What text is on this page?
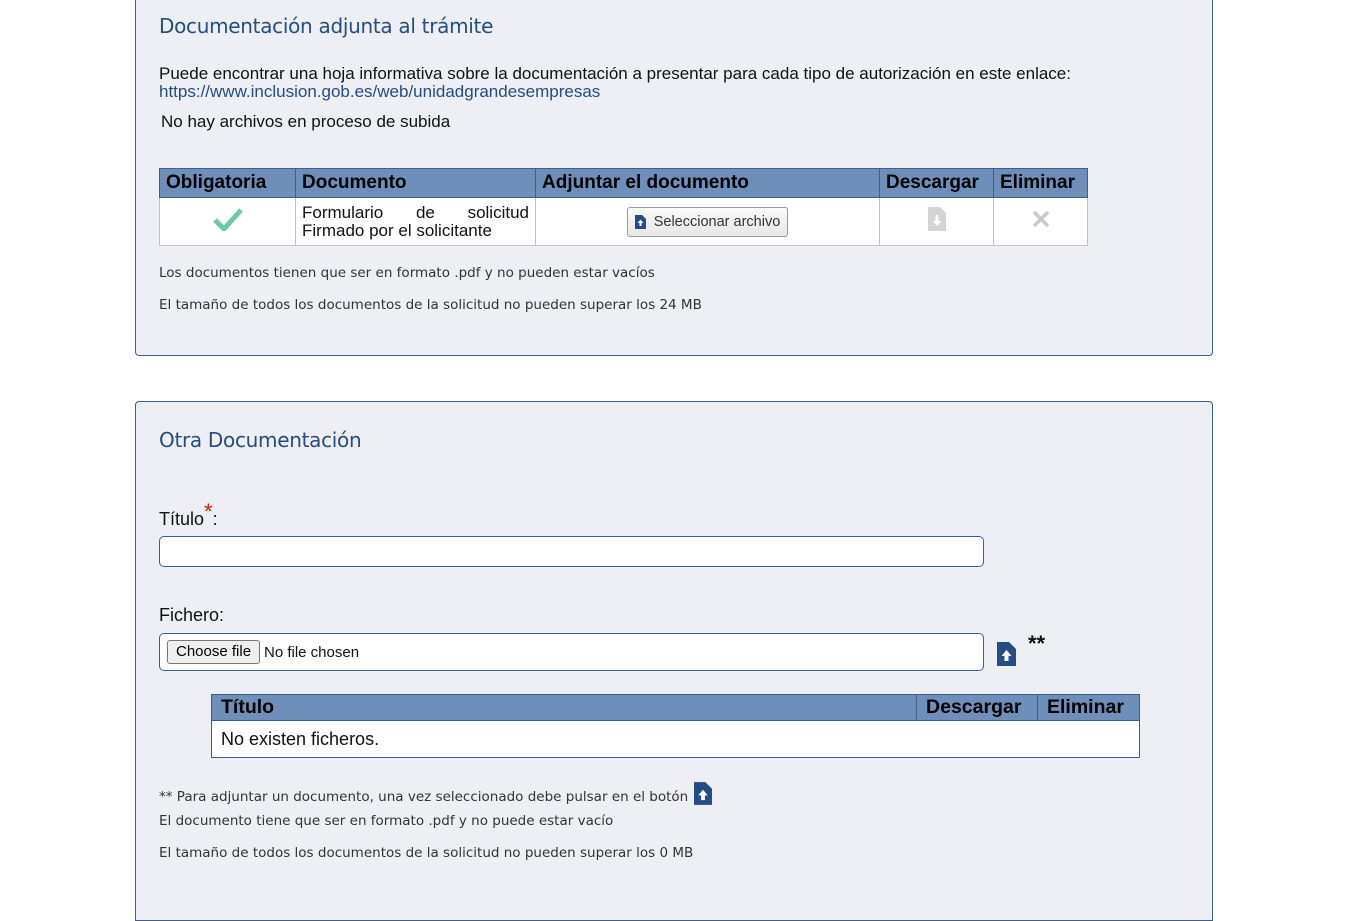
Documentación adjunta al trámite
Puede encontrar una hoja informativa sobre la documentación a presentar para cada tipo de autorización en este enlace:
https://www.inclusion.gob.es/web/unidadgrandesempresas
No hay archivos en proceso de subida
Obligatoria	Documento	Adjuntar el documento	Descargar	Eliminar
	Formulario de solicitud Firmado por el solicitante	Seleccionar archivo

Los documentos tienen que ser en formato .pdf y no pueden estar vacíos
El tamaño de todos los documentos de la solicitud no pueden superar los 24 MB
Otra Documentación
Título*:
Fichero:
Choose file No file chosen	**
Título	Descargar	Eliminar
No existen ficheros.
** Para adjuntar un documento, una vez seleccionado debe pulsar en el botón
El documento tiene que ser en formato .pdf y no puede estar vacío
El tamaño de todos los documentos de la solicitud no pueden superar los 0 MB
